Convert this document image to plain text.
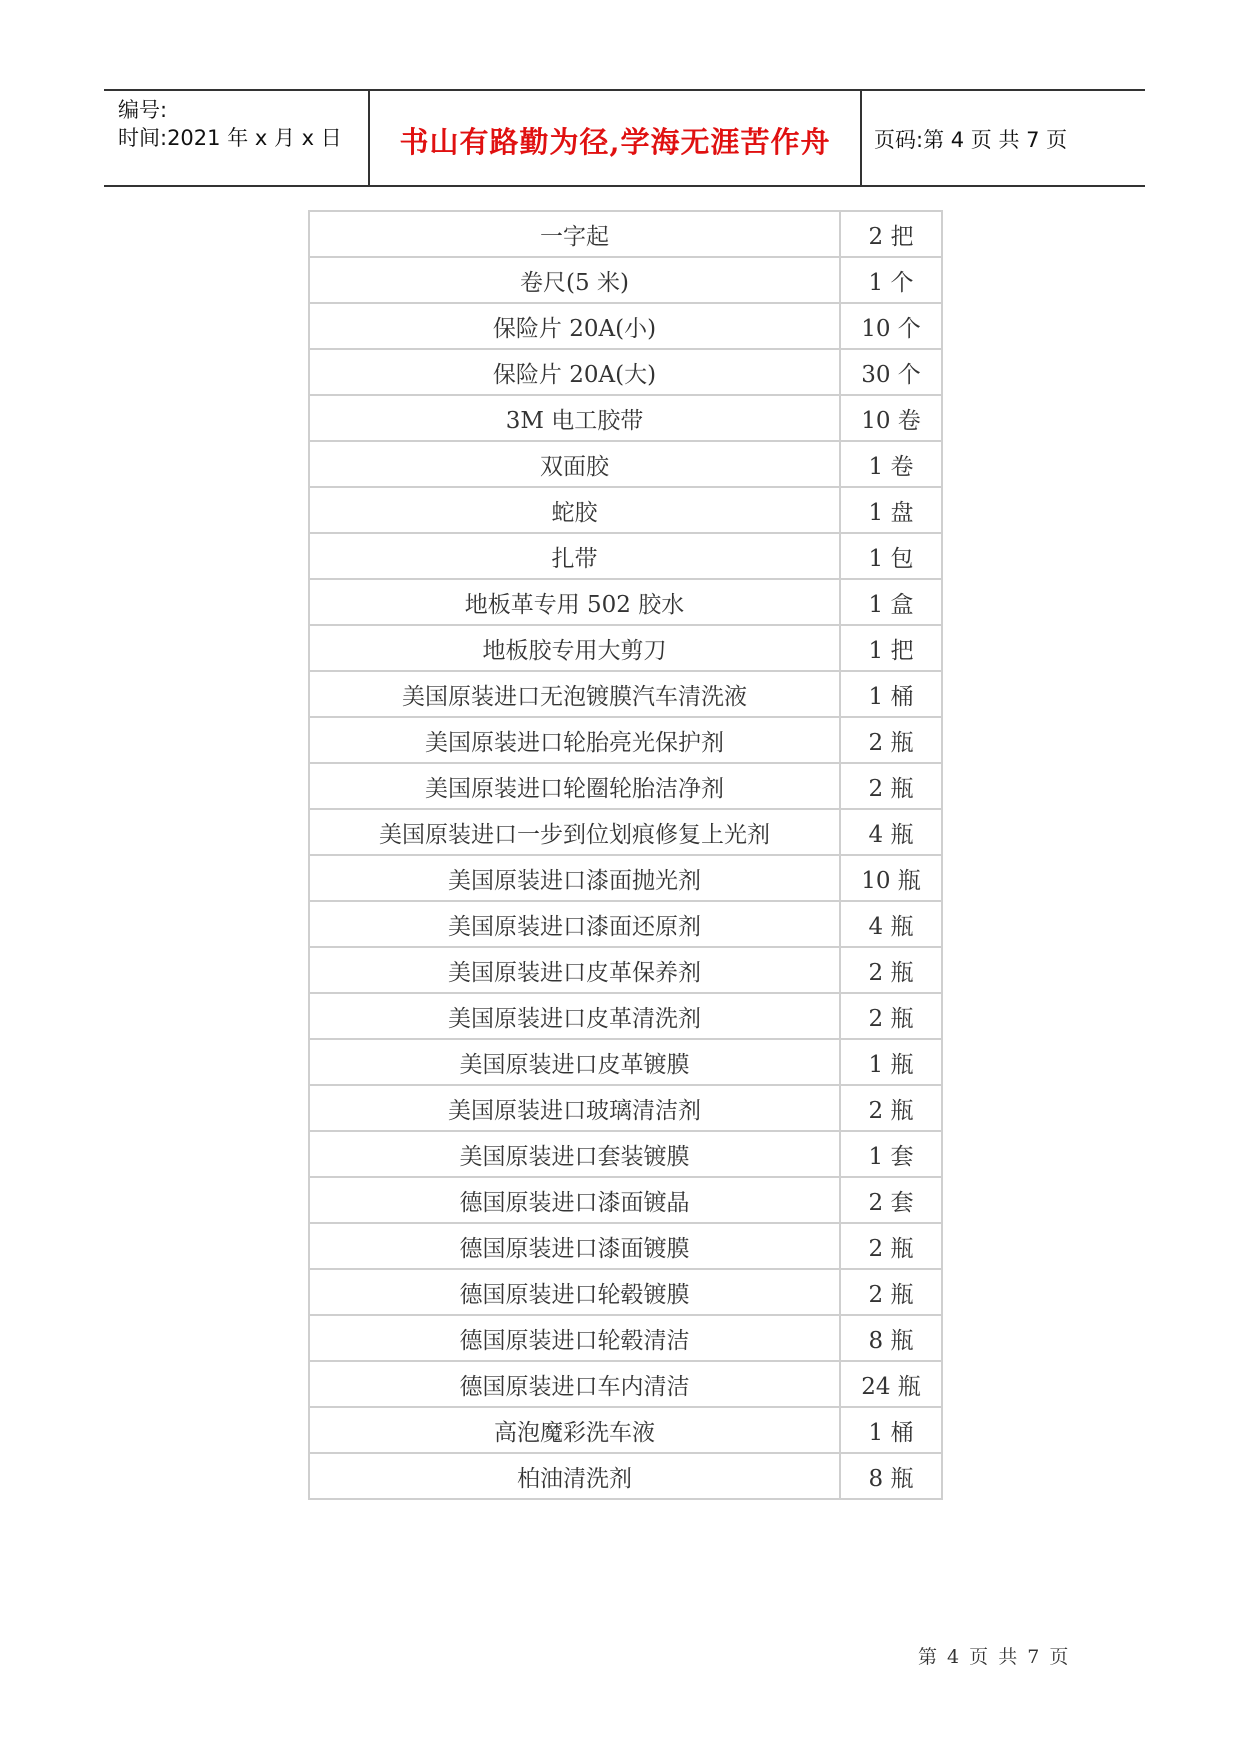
编号:
时间:2021 年 x 月 x 日	书山有路勤为径,学海无涯苦作舟	页码:第 4 页 共 7 页
一字起	2 把
卷尺(5 米)	1 个
保险片 20A(小)	10 个
保险片 20A(大)	30 个
3M 电工胶带	10 卷
双面胶	1 卷
蛇胶	1 盘
扎带	1 包
地板革专用 502 胶水	1 盒
地板胶专用大剪刀	1 把
美国原装进口无泡镀膜汽车清洗液	1 桶
美国原装进口轮胎亮光保护剂	2 瓶
美国原装进口轮圈轮胎洁净剂	2 瓶
美国原装进口一步到位划痕修复上光剂	4 瓶
美国原装进口漆面抛光剂	10 瓶
美国原装进口漆面还原剂	4 瓶
美国原装进口皮革保养剂	2 瓶
美国原装进口皮革清洗剂	2 瓶
美国原装进口皮革镀膜	1 瓶
美国原装进口玻璃清洁剂	2 瓶
美国原装进口套装镀膜	1 套
德国原装进口漆面镀晶	2 套
德国原装进口漆面镀膜	2 瓶
德国原装进口轮毂镀膜	2 瓶
德国原装进口轮毂清洁	8 瓶
德国原装进口车内清洁	24 瓶
高泡魔彩洗车液	1 桶
柏油清洗剂	8 瓶
第 4 页 共 7 页
